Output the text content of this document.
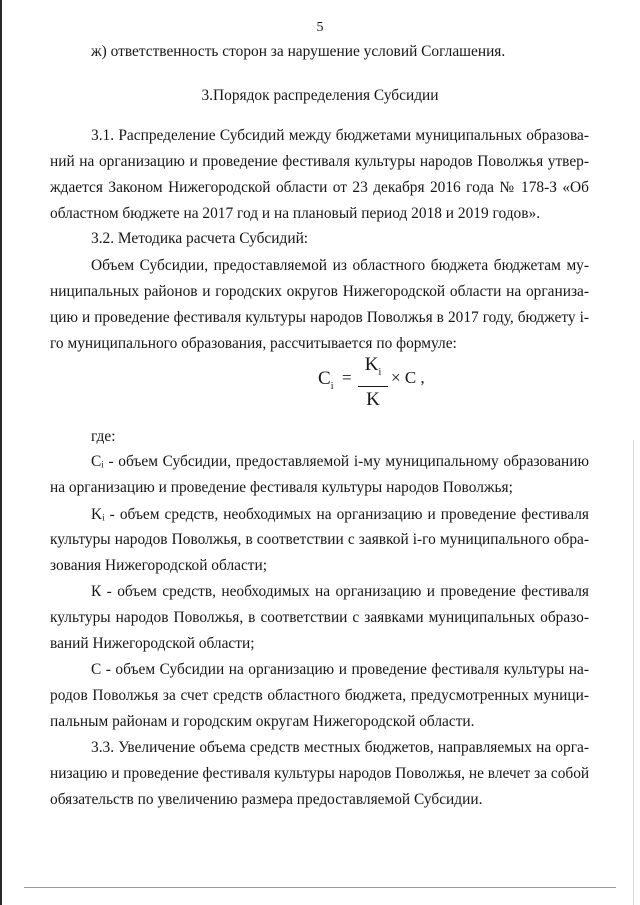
5
ж) ответственность сторон за нарушение условий Соглашения.
3.Порядок распределения Субсидии
3.1. Распределение Субсидий между бюджетами муниципальных образова-
ний на организацию и проведение фестиваля культуры народов Поволжья утвер-
ждается Законом Нижегородской области от 23 декабря 2016 года № 178-З «Об
областном бюджете на 2017 год и на плановый период 2018 и 2019 годов».
3.2. Методика расчета Субсидий:
Объем Субсидии, предоставляемой из областного бюджета бюджетам му-
ниципальных районов и городских округов Нижегородской области на организа-
цию и проведение фестиваля культуры народов Поволжья в 2017 году, бюджету i-
го муниципального образования, рассчитывается по формуле:
$C_i$ =
$K_i$
K
× C ,
где:
Cᵢ - объем Субсидии, предоставляемой i-му муниципальному образованию
на организацию и проведение фестиваля культуры народов Поволжья;
Kᵢ - объем средств, необходимых на организацию и проведение фестиваля
культуры народов Поволжья, в соответствии с заявкой i-го муниципального обра-
зования Нижегородской области;
К - объем средств, необходимых на организацию и проведение фестиваля
культуры народов Поволжья, в соответствии с заявками муниципальных образо-
ваний Нижегородской области;
С - объем Субсидии на организацию и проведение фестиваля культуры на-
родов Поволжья за счет средств областного бюджета, предусмотренных муници-
пальным районам и городским округам Нижегородской области.
3.3. Увеличение объема средств местных бюджетов, направляемых на орга-
низацию и проведение фестиваля культуры народов Поволжья, не влечет за собой
обязательств по увеличению размера предоставляемой Субсидии.
